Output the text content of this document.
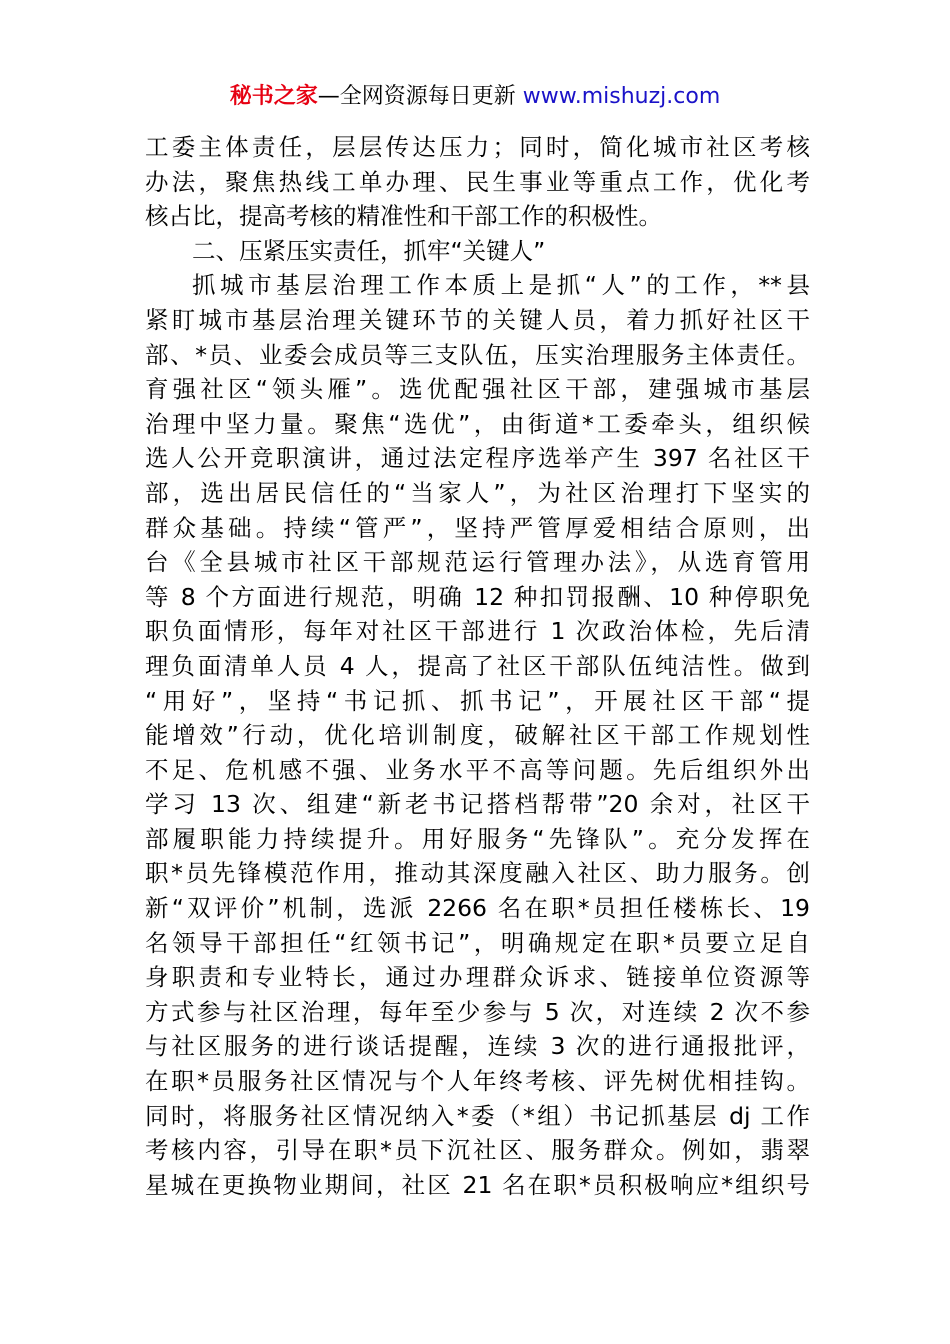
秘书之家—全网资源每日更新 www.mishuzj.com
工委主体责任，层层传达压力；同时，简化城市社区考核
办法，聚焦热线工单办理、民生事业等重点工作，优化考
核占比，提高考核的精准性和干部工作的积极性。
二、压紧压实责任，抓牢“关键人”
抓城市基层治理工作本质上是抓“人”的工作，**县
紧盯城市基层治理关键环节的关键人员，着力抓好社区干
部、*员、业委会成员等三支队伍，压实治理服务主体责任。
育强社区“领头雁”。选优配强社区干部，建强城市基层
治理中坚力量。聚焦“选优”，由街道*工委牵头，组织候
选人公开竞职演讲，通过法定程序选举产生 397 名社区干
部，选出居民信任的“当家人”，为社区治理打下坚实的
群众基础。持续“管严”，坚持严管厚爱相结合原则，出
台《全县城市社区干部规范运行管理办法》，从选育管用
等 8 个方面进行规范，明确 12 种扣罚报酬、10 种停职免
职负面情形，每年对社区干部进行 1 次政治体检，先后清
理负面清单人员 4 人，提高了社区干部队伍纯洁性。做到
“用好”，坚持“书记抓、抓书记”，开展社区干部“提
能增效”行动，优化培训制度，破解社区干部工作规划性
不足、危机感不强、业务水平不高等问题。先后组织外出
学习 13 次、组建“新老书记搭档帮带”20 余对，社区干
部履职能力持续提升。用好服务“先锋队”。充分发挥在
职*员先锋模范作用，推动其深度融入社区、助力服务。创
新“双评价”机制，选派 2266 名在职*员担任楼栋长、19
名领导干部担任“红领书记”，明确规定在职*员要立足自
身职责和专业特长，通过办理群众诉求、链接单位资源等
方式参与社区治理，每年至少参与 5 次，对连续 2 次不参
与社区服务的进行谈话提醒，连续 3 次的进行通报批评，
在职*员服务社区情况与个人年终考核、评先树优相挂钩。
同时，将服务社区情况纳入*委（*组）书记抓基层 dj 工作
考核内容，引导在职*员下沉社区、服务群众。例如，翡翠
星城在更换物业期间，社区 21 名在职*员积极响应*组织号
